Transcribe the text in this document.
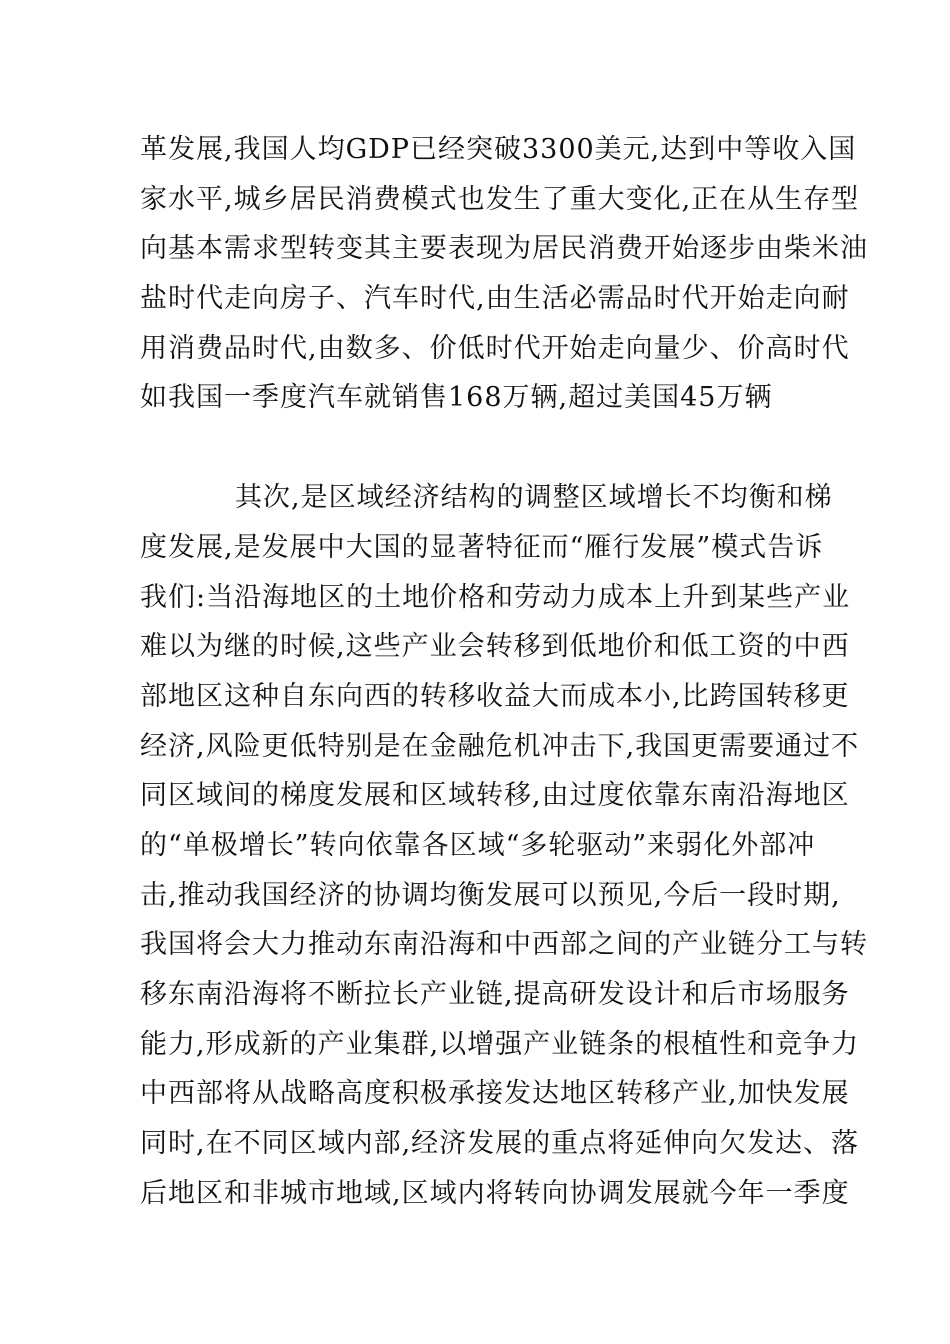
革发展,我国人均GDP已经突破3300美元,达到中等收入国
家水平,城乡居民消费模式也发生了重大变化,正在从生存型
向基本需求型转变其主要表现为居民消费开始逐步由柴米油
盐时代走向房子、汽车时代,由生活必需品时代开始走向耐
用消费品时代,由数多、价低时代开始走向量少、价高时代
如我国一季度汽车就销售168万辆,超过美国45万辆
其次,是区域经济结构的调整区域增长不均衡和梯
度发展,是发展中大国的显著特征而“雁行发展”模式告诉
我们:当沿海地区的土地价格和劳动力成本上升到某些产业
难以为继的时候,这些产业会转移到低地价和低工资的中西
部地区这种自东向西的转移收益大而成本小,比跨国转移更
经济,风险更低特别是在金融危机冲击下,我国更需要通过不
同区域间的梯度发展和区域转移,由过度依靠东南沿海地区
的“单极增长”转向依靠各区域“多轮驱动”来弱化外部冲
击,推动我国经济的协调均衡发展可以预见,今后一段时期,
我国将会大力推动东南沿海和中西部之间的产业链分工与转
移东南沿海将不断拉长产业链,提高研发设计和后市场服务
能力,形成新的产业集群,以增强产业链条的根植性和竞争力
中西部将从战略高度积极承接发达地区转移产业,加快发展
同时,在不同区域内部,经济发展的重点将延伸向欠发达、落
后地区和非城市地域,区域内将转向协调发展就今年一季度
